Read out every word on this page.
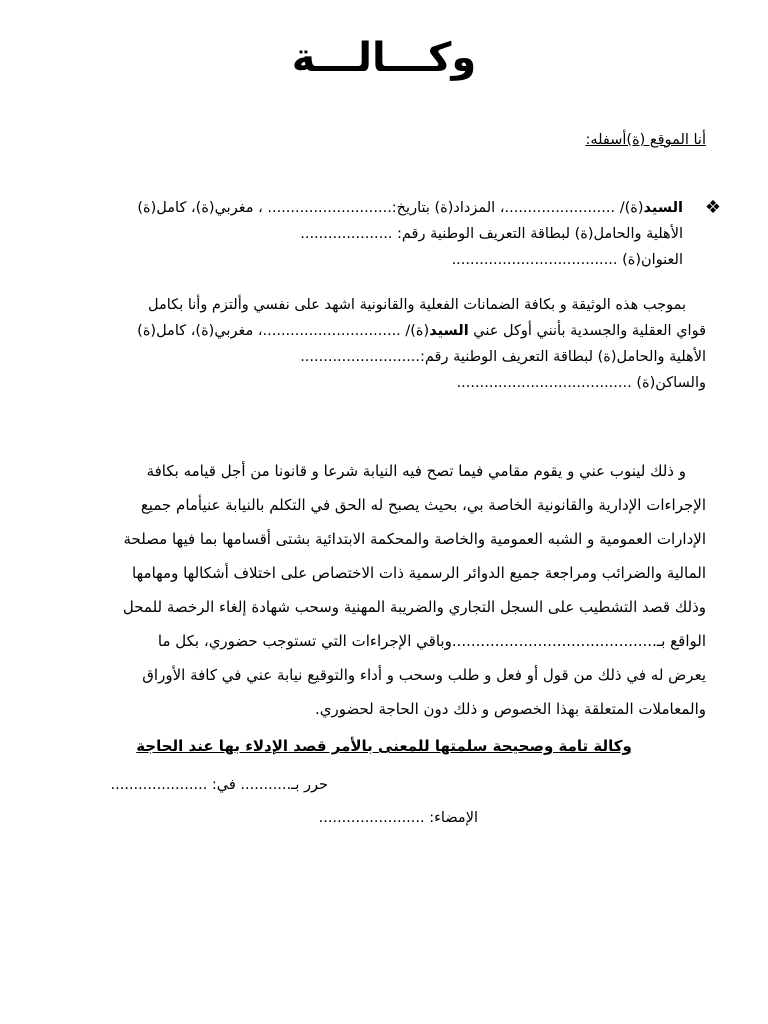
وكـــالـــة
أنا الموقع (ة)أسفله:
❖
السيد(ة)/ ........................، المزداد(ة) بتاريخ:........................... ، مغربي(ة)، كامل(ة)
الأهلية والحامل(ة) لبطاقة التعريف الوطنية رقم: ....................
العنوان(ة) ....................................
بموجب هذه الوثيقة و بكافة الضمانات الفعلية والقانونية اشهد على نفسي وألتزم وأنا بكامل
قواي العقلية والجسدية بأنني أوكل عني السيد(ة)/ ..............................، مغربي(ة)، كامل(ة)
الأهلية والحامل(ة) لبطاقة التعريف الوطنية رقم:..........................
والساكن(ة) ......................................
و ذلك لينوب عني و يقوم مقامي فيما تصح فيه النيابة شرعا و قانونا من أجل قيامه بكافة
الإجراءات الإدارية والقانونية الخاصة بي، بحيث يصبح له الحق في التكلم بالنيابة عنيأمام جميع
الإدارات العمومية و الشبه العمومية والخاصة والمحكمة الابتدائية بشتى أقسامها بما فيها مصلحة
المالية والضرائب ومراجعة جميع الدوائر الرسمية ذات الاختصاص على اختلاف أشكالها ومهامها
وذلك قصد التشطيب على السجل التجاري والضريبة المهنية وسحب شهادة إلغاء الرخصة للمحل
الواقع بـ...........................................وباقي الإجراءات التي تستوجب حضوري، بكل ما
يعرض له في ذلك من قول أو فعل و طلب وسحب و أداء والتوقيع نيابة عني في كافة الأوراق
والمعاملات المتعلقة بهذا الخصوص و ذلك دون الحاجة لحضوري.
وكالة تامة وصحيحة سلمتها للمعنى بالأمر قصد الإدلاء بها عند الحاجة
حرر بـ........... في: .....................
الإمضاء: .......................
